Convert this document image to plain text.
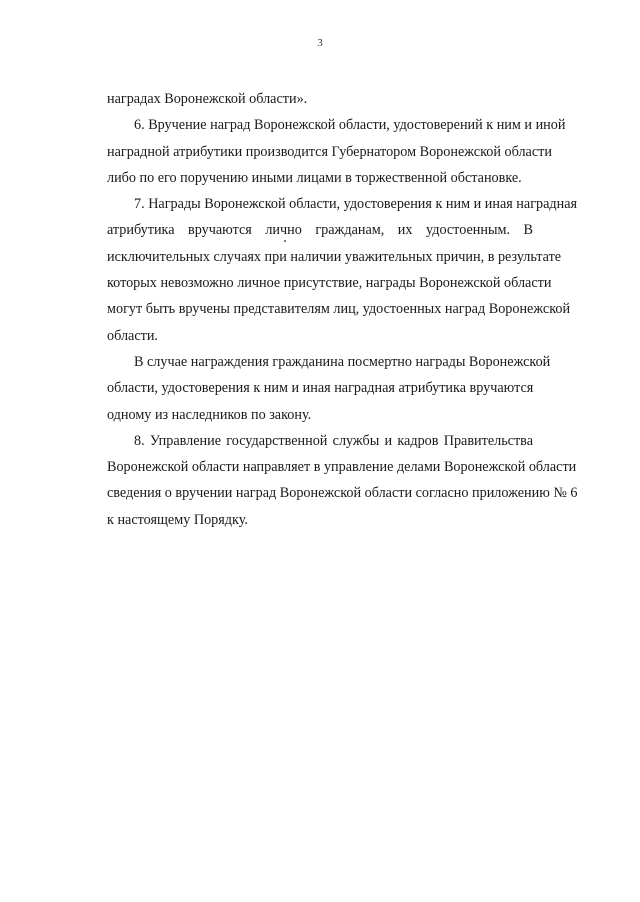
3

наградах Воронежской области».

6. Вручение наград Воронежской области, удостоверений к ним и иной
наградной атрибутики производится Губернатором Воронежской области
либо по его поручению иными лицами в торжественной обстановке.

7. Награды Воронежской области, удостоверения к ним и иная наградная
атрибутика вручаются лично гражданам, их удостоенным. В
исключительных случаях при наличии уважительных причин, в результате
которых невозможно личное присутствие, награды Воронежской области
могут быть вручены представителям лиц, удостоенных наград Воронежской
области.

В случае награждения гражданина посмертно награды Воронежской
области, удостоверения к ним и иная наградная атрибутика вручаются
одному из наследников по закону.

8. Управление государственной службы и кадров Правительства
Воронежской области направляет в управление делами Воронежской области
сведения о вручении наград Воронежской области согласно приложению № 6
к настоящему Порядку.
